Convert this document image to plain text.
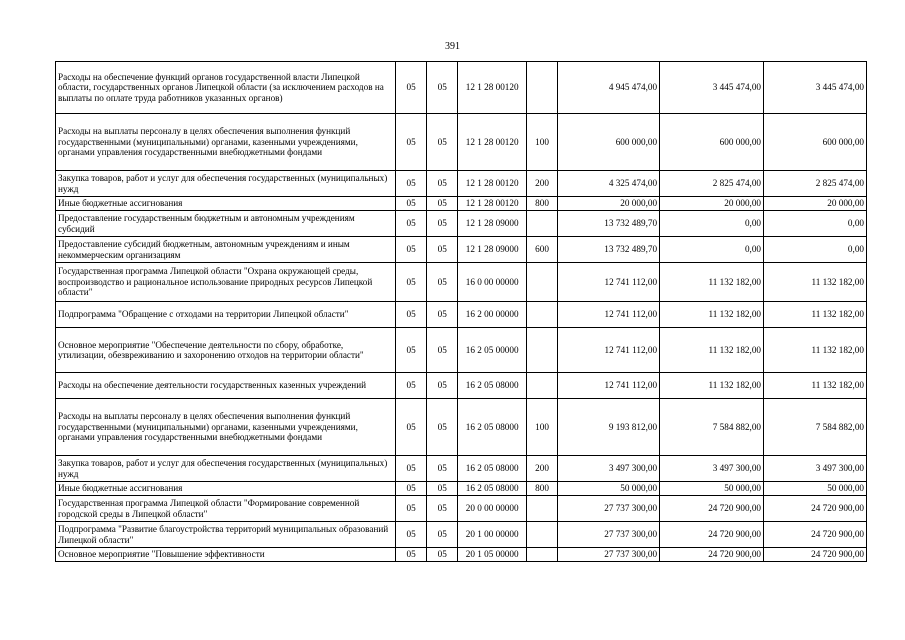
391
Расходы на обеспечение функций органов государственной власти Липецкой области, государственных органов Липецкой области (за исключением расходов на выплаты по оплате труда работников указанных органов)	05	05	12 1 28 00120		4 945 474,00	3 445 474,00	3 445 474,00
Расходы на выплаты персоналу в целях обеспечения выполнения функций государственными (муниципальными) органами, казенными учреждениями, органами управления государственными внебюджетными фондами	05	05	12 1 28 00120	100	600 000,00	600 000,00	600 000,00
Закупка товаров, работ и услуг для обеспечения государственных (муниципальных) нужд	05	05	12 1 28 00120	200	4 325 474,00	2 825 474,00	2 825 474,00
Иные бюджетные ассигнования	05	05	12 1 28 00120	800	20 000,00	20 000,00	20 000,00
Предоставление государственным бюджетным и автономным учреждениям субсидий	05	05	12 1 28 09000		13 732 489,70	0,00	0,00
Предоставление субсидий бюджетным, автономным учреждениям и иным некоммерческим организациям	05	05	12 1 28 09000	600	13 732 489,70	0,00	0,00
Государственная программа Липецкой области "Охрана окружающей среды, воспроизводство и рациональное использование природных ресурсов Липецкой области"	05	05	16 0 00 00000		12 741 112,00	11 132 182,00	11 132 182,00
Подпрограмма "Обращение с отходами на территории Липецкой области"	05	05	16 2 00 00000		12 741 112,00	11 132 182,00	11 132 182,00
Основное мероприятие "Обеспечение деятельности по сбору, обработке, утилизации, обезвреживанию и захоронению отходов на территории области"	05	05	16 2 05 00000		12 741 112,00	11 132 182,00	11 132 182,00
Расходы на обеспечение деятельности государственных казенных учреждений	05	05	16 2 05 08000		12 741 112,00	11 132 182,00	11 132 182,00
Расходы на выплаты персоналу в целях обеспечения выполнения функций государственными (муниципальными) органами, казенными учреждениями, органами управления государственными внебюджетными фондами	05	05	16 2 05 08000	100	9 193 812,00	7 584 882,00	7 584 882,00
Закупка товаров, работ и услуг для обеспечения государственных (муниципальных) нужд	05	05	16 2 05 08000	200	3 497 300,00	3 497 300,00	3 497 300,00
Иные бюджетные ассигнования	05	05	16 2 05 08000	800	50 000,00	50 000,00	50 000,00
Государственная программа Липецкой области "Формирование современной городской среды в Липецкой области"	05	05	20 0 00 00000		27 737 300,00	24 720 900,00	24 720 900,00
Подпрограмма "Развитие благоустройства территорий муниципальных образований Липецкой области"	05	05	20 1 00 00000		27 737 300,00	24 720 900,00	24 720 900,00
Основное мероприятие "Повышение эффективности	05	05	20 1 05 00000		27 737 300,00	24 720 900,00	24 720 900,00
